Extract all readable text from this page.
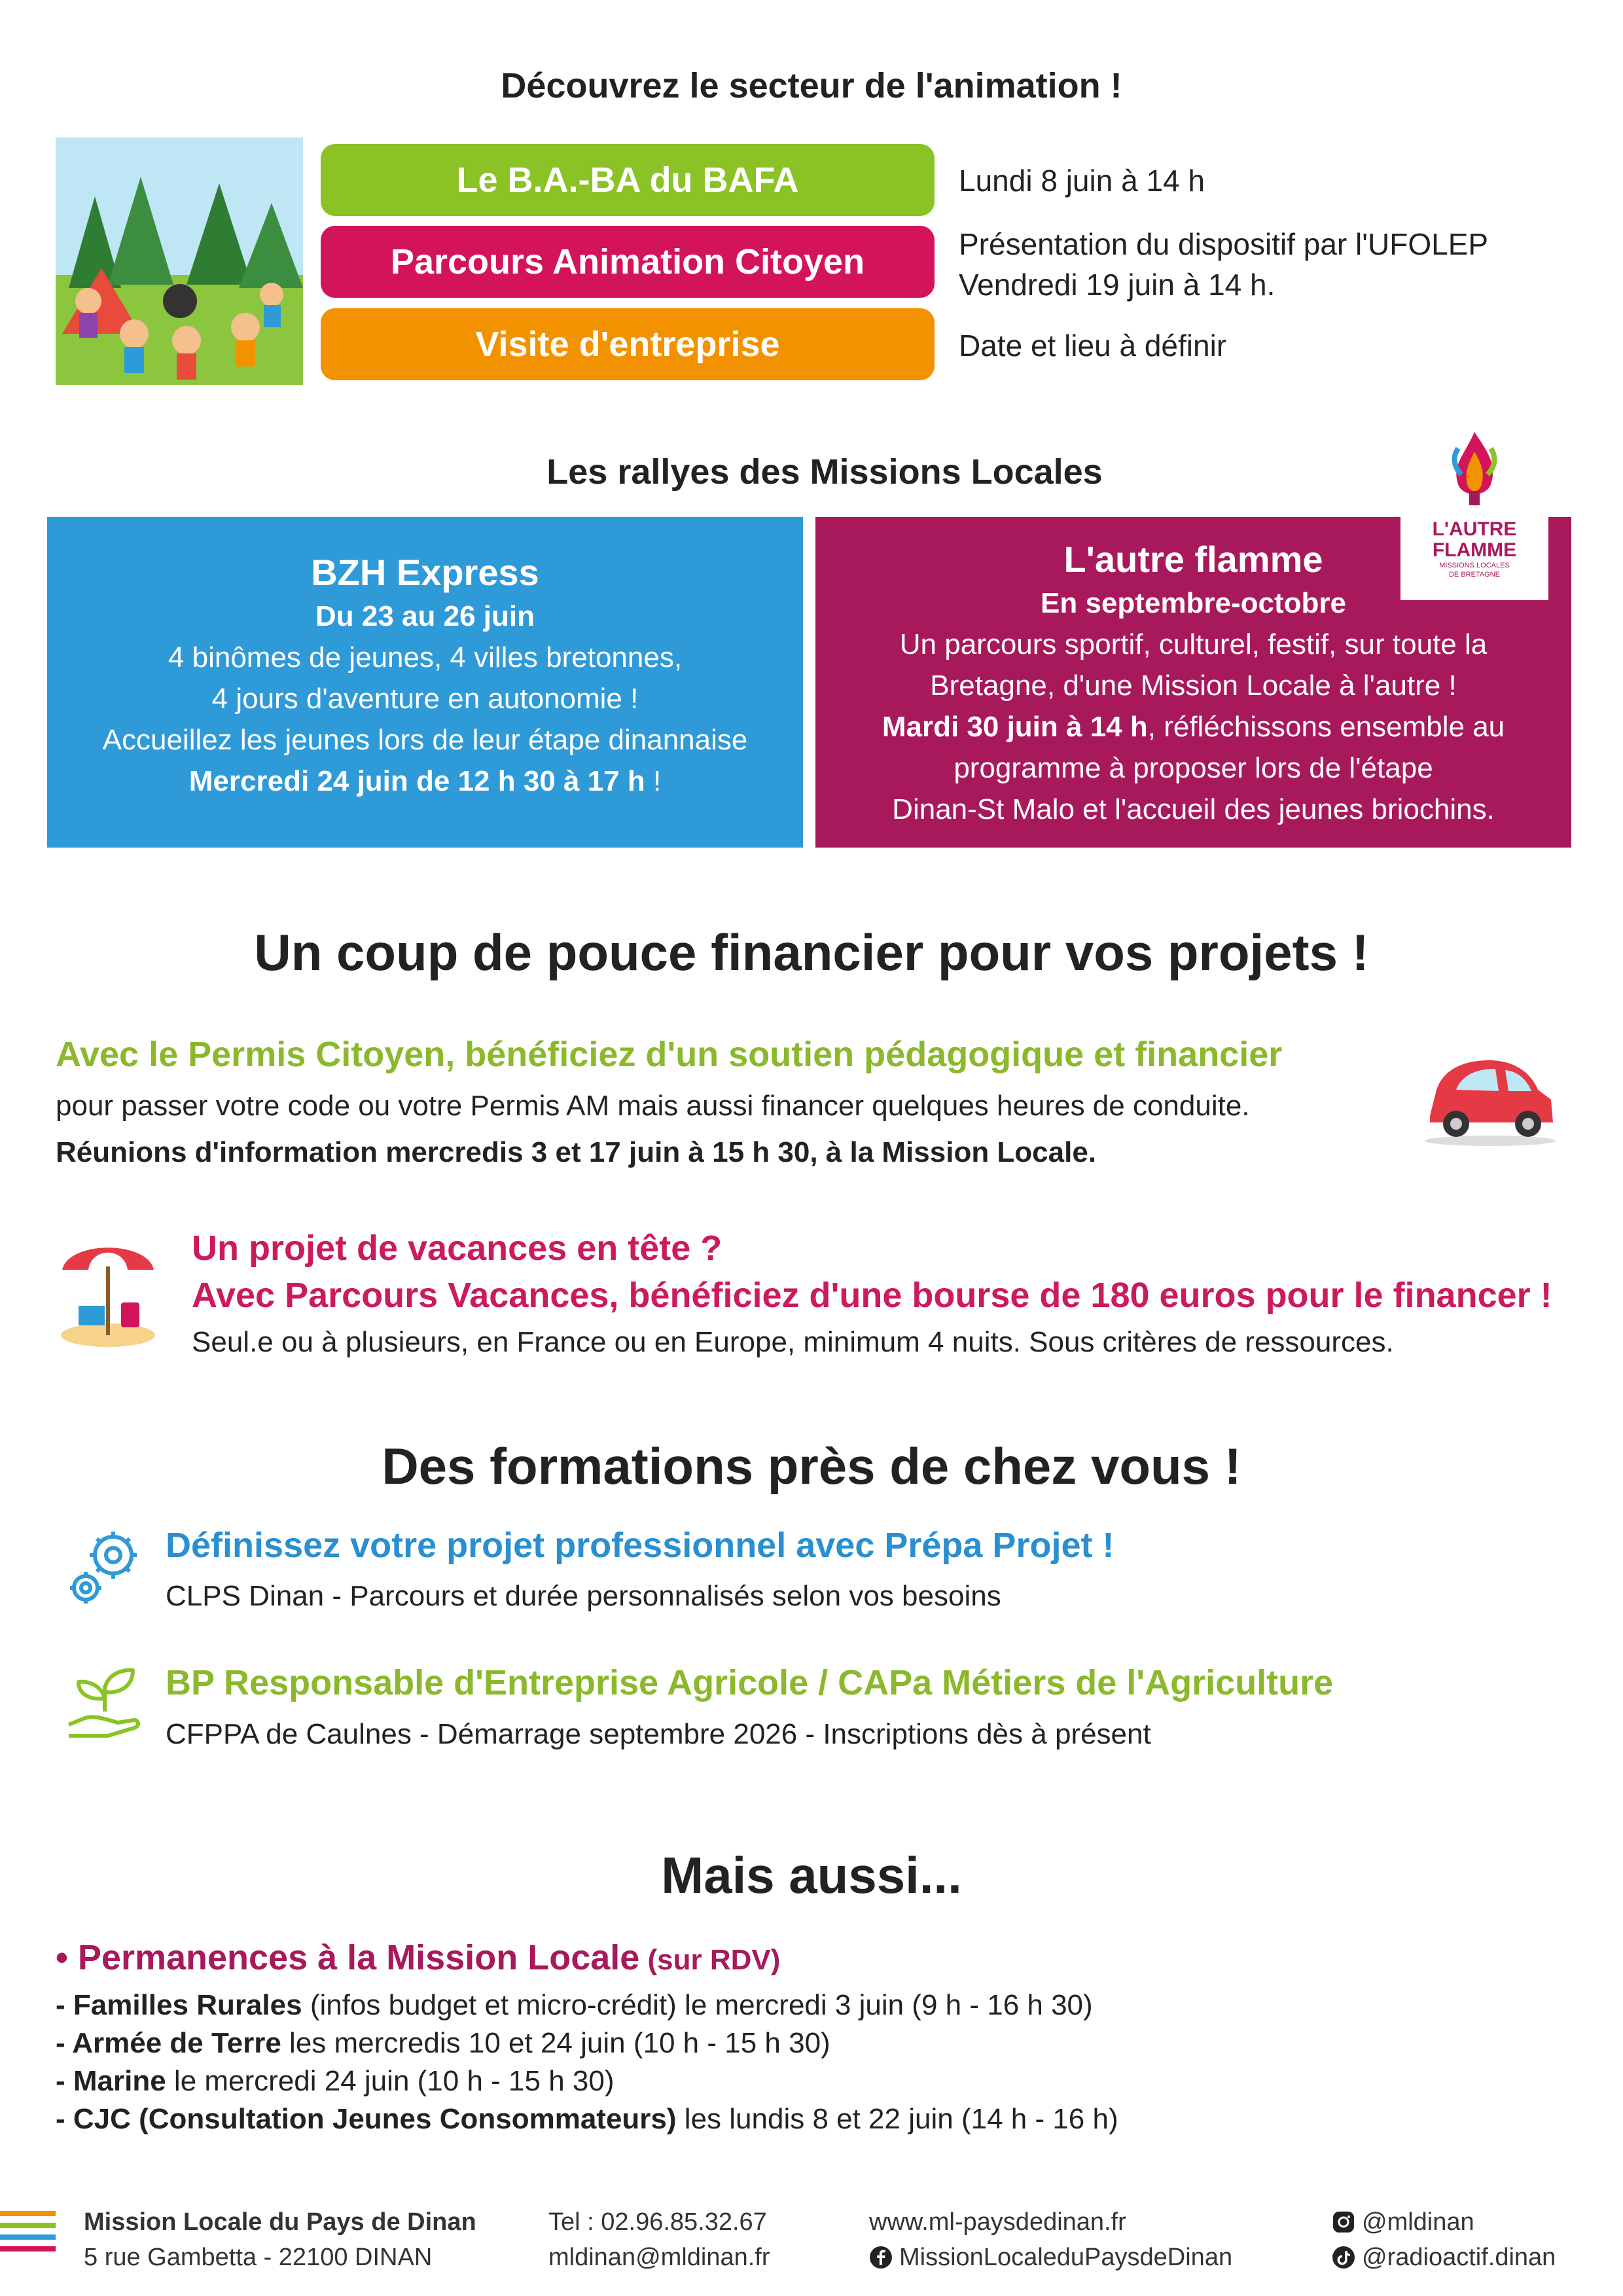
Découvrez le secteur de l'animation !
Le B.A.-BA du BAFA
Parcours Animation Citoyen
Visite d'entreprise
Lundi 8 juin à 14 h
Présentation du dispositif par l'UFOLEP
Vendredi 19 juin à 14 h.
Date et lieu à définir
Les rallyes des Missions Locales
BZH Express
Du 23 au 26 juin
4 binômes de jeunes, 4 villes bretonnes,
4 jours d'aventure en autonomie !
Accueillez les jeunes lors de leur étape dinannaise
Mercredi 24 juin de 12 h 30 à 17 h !
L'autre flamme
En septembre-octobre
Un parcours sportif, culturel, festif, sur toute la
Bretagne, d'une Mission Locale à l'autre !
Mardi 30 juin à 14 h, réfléchissons ensemble au
programme à proposer lors de l'étape
Dinan-St Malo et l'accueil des jeunes briochins.
L'AUTRE
FLAMME
MISSIONS LOCALES
DE BRETAGNE
Un coup de pouce financier pour vos projets !
Avec le Permis Citoyen, bénéficiez d'un soutien pédagogique et financier
pour passer votre code ou votre Permis AM mais aussi financer quelques heures de conduite.
Réunions d'information mercredis 3 et 17 juin à 15 h 30, à la Mission Locale.
Un projet de vacances en tête ?
Avec Parcours Vacances, bénéficiez d'une bourse de 180 euros pour le financer !
Seul.e ou à plusieurs, en France ou en Europe, minimum 4 nuits. Sous critères de ressources.
Des formations près de chez vous !
Définissez votre projet professionnel avec Prépa Projet !
CLPS Dinan - Parcours et durée personnalisés selon vos besoins
BP Responsable d'Entreprise Agricole / CAPa Métiers de l'Agriculture
CFPPA de Caulnes - Démarrage septembre 2026 - Inscriptions dès à présent
Mais aussi...
• Permanences à la Mission Locale (sur RDV)
- Familles Rurales (infos budget et micro-crédit) le mercredi 3 juin (9 h - 16 h 30)
- Armée de Terre les mercredis 10 et 24 juin (10 h - 15 h 30)
- Marine le mercredi 24 juin (10 h - 15 h 30)
- CJC (Consultation Jeunes Consommateurs) les lundis 8 et 22 juin (14 h - 16 h)
Mission Locale du Pays de Dinan
5 rue Gambetta - 22100 DINAN
Tel : 02.96.85.32.67
mldinan@mldinan.fr
www.ml-paysdedinan.fr
MissionLocaleduPaysdeDinan
@mldinan
@radioactif.dinan
